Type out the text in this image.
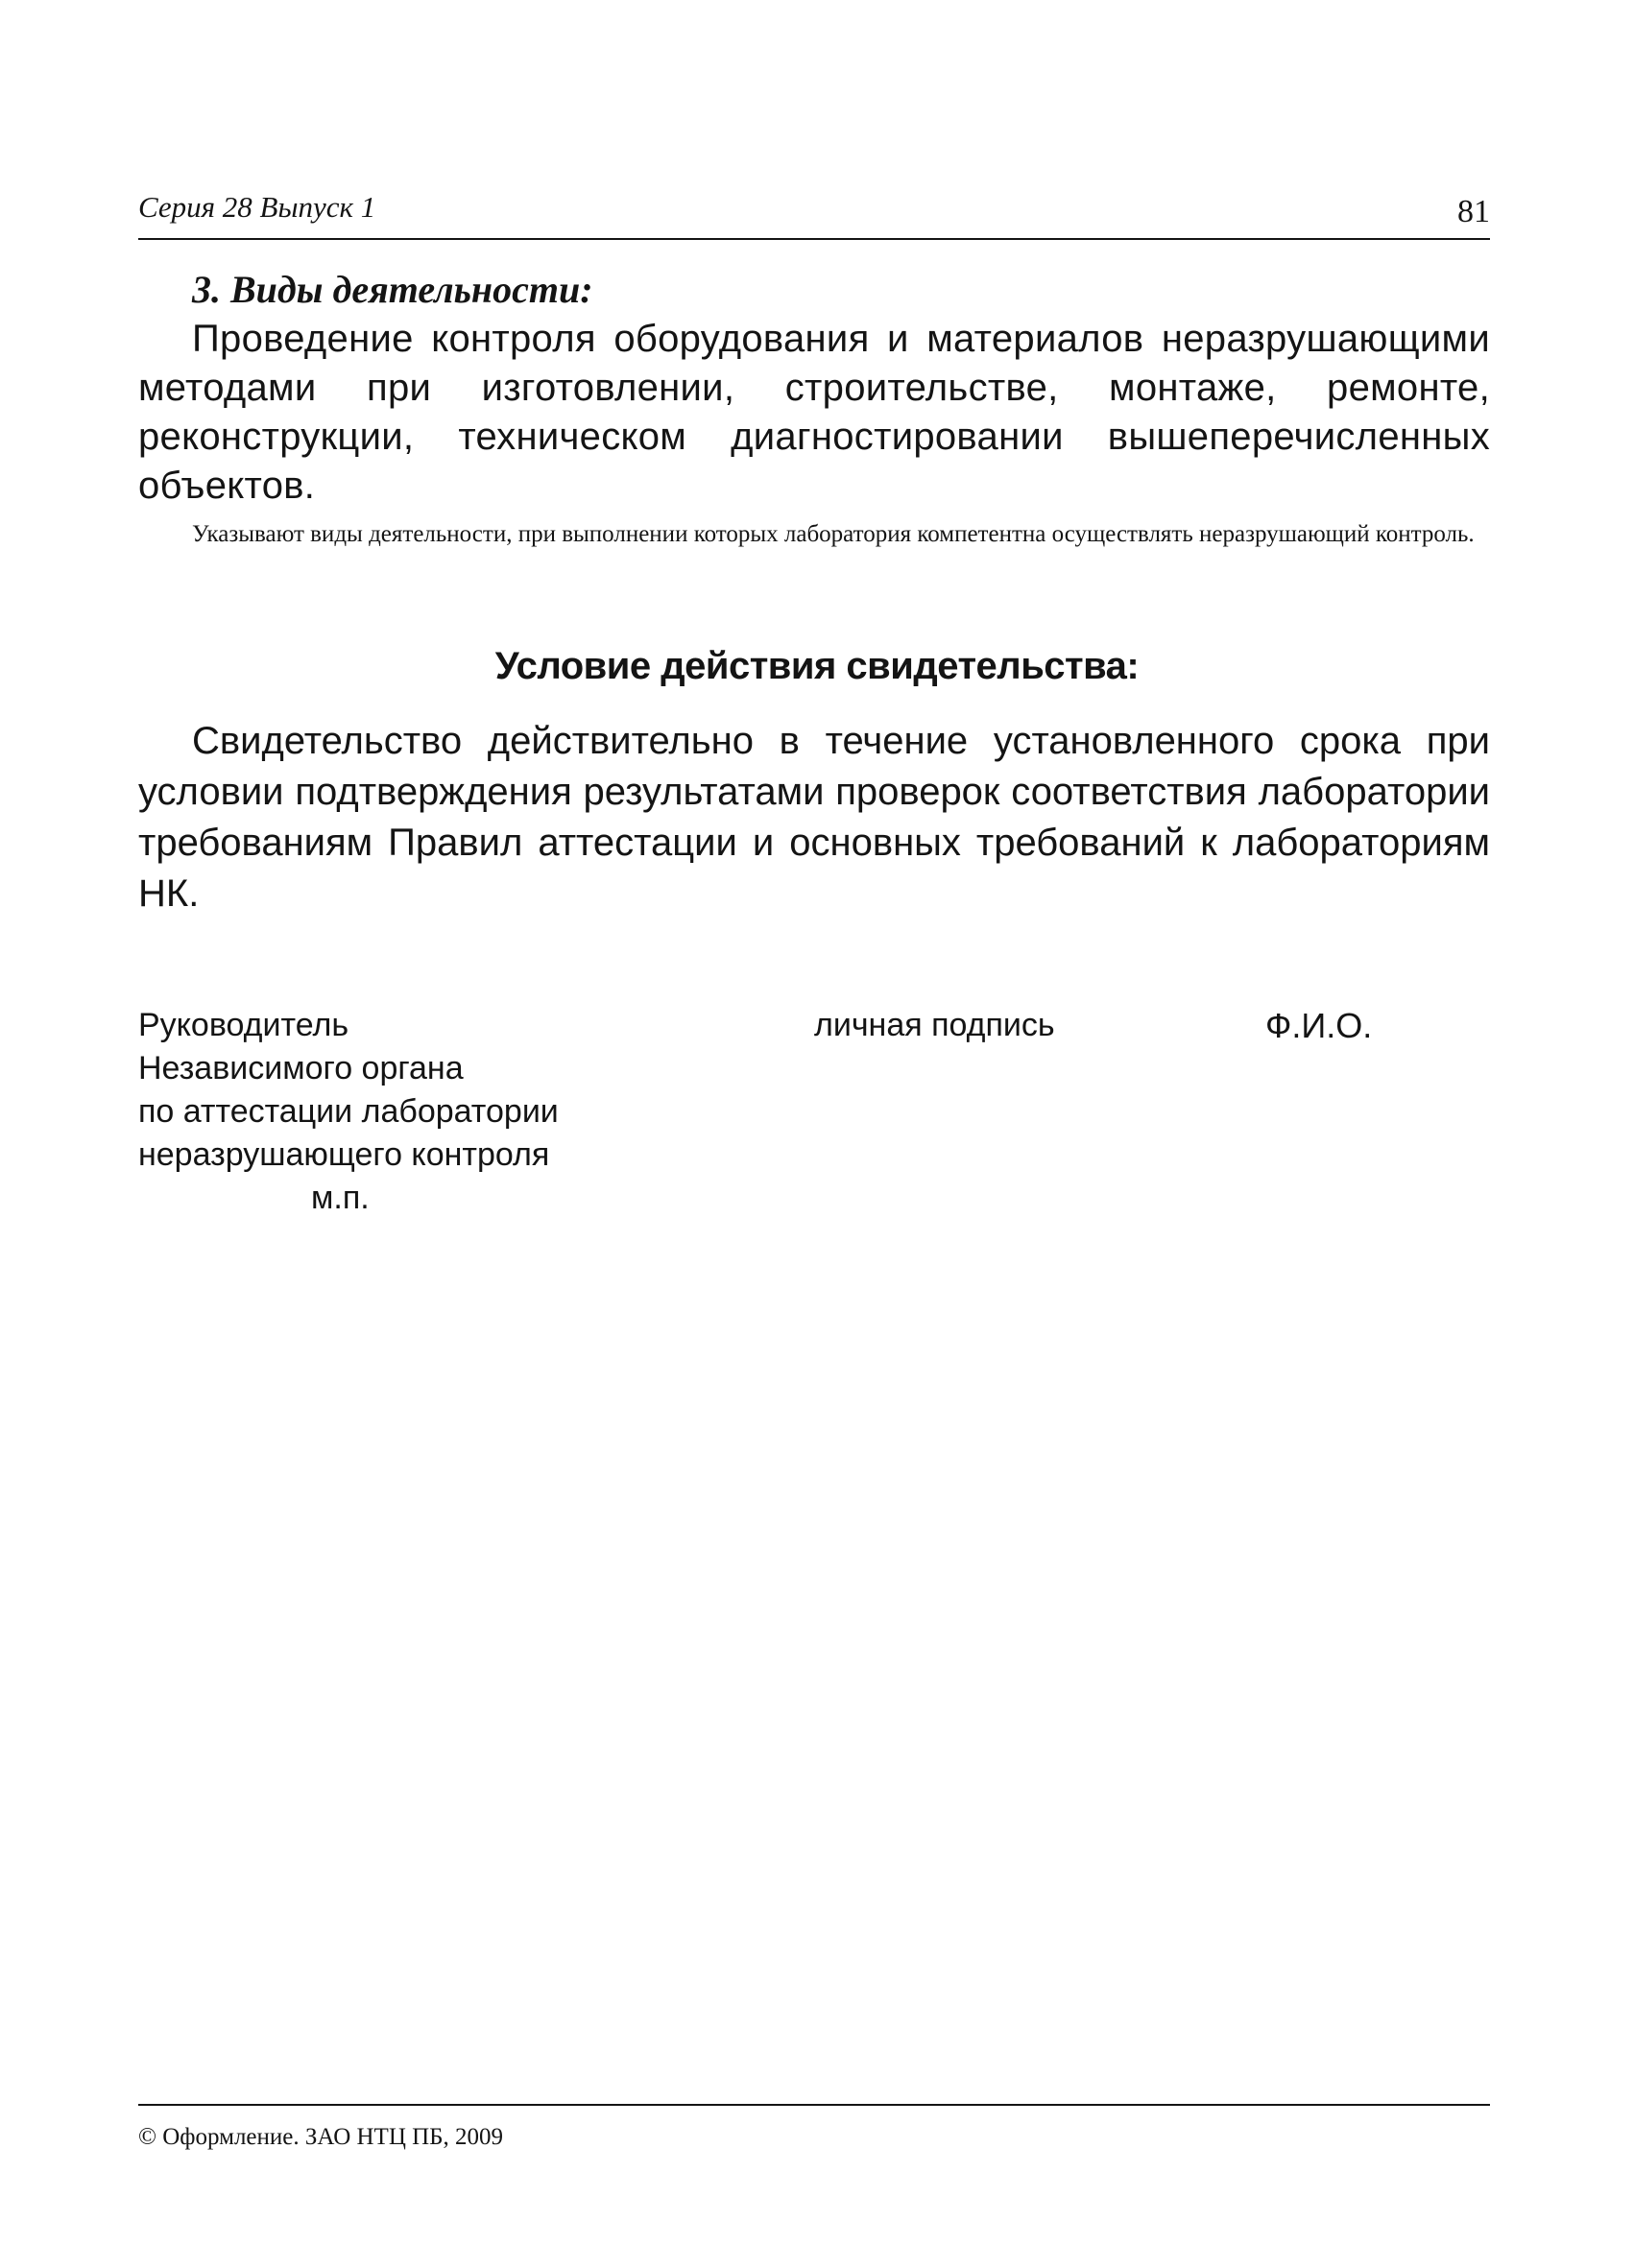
Серия 28 Выпуск 1	81
3. Виды деятельности:

Проведение контроля оборудования и материалов неразрушающими методами при изготовлении, строительстве, монтаже, ремонте, реконструкции, техническом диагностировании вышеперечисленных объектов.

Указывают виды деятельности, при выполнении которых лаборатория компетентна осуществлять неразрушающий контроль.

Условие действия свидетельства:

Свидетельство действительно в течение установленного срока при условии подтверждения результатами проверок соответствия лаборатории требованиям Правил аттестации и основных требований к лабораториям НК.

Руководитель
Независимого органа
по аттестации лаборатории
неразрушающего контроля
м.п.
личная подпись	Ф.И.О.
© Оформление. ЗАО НТЦ ПБ, 2009
